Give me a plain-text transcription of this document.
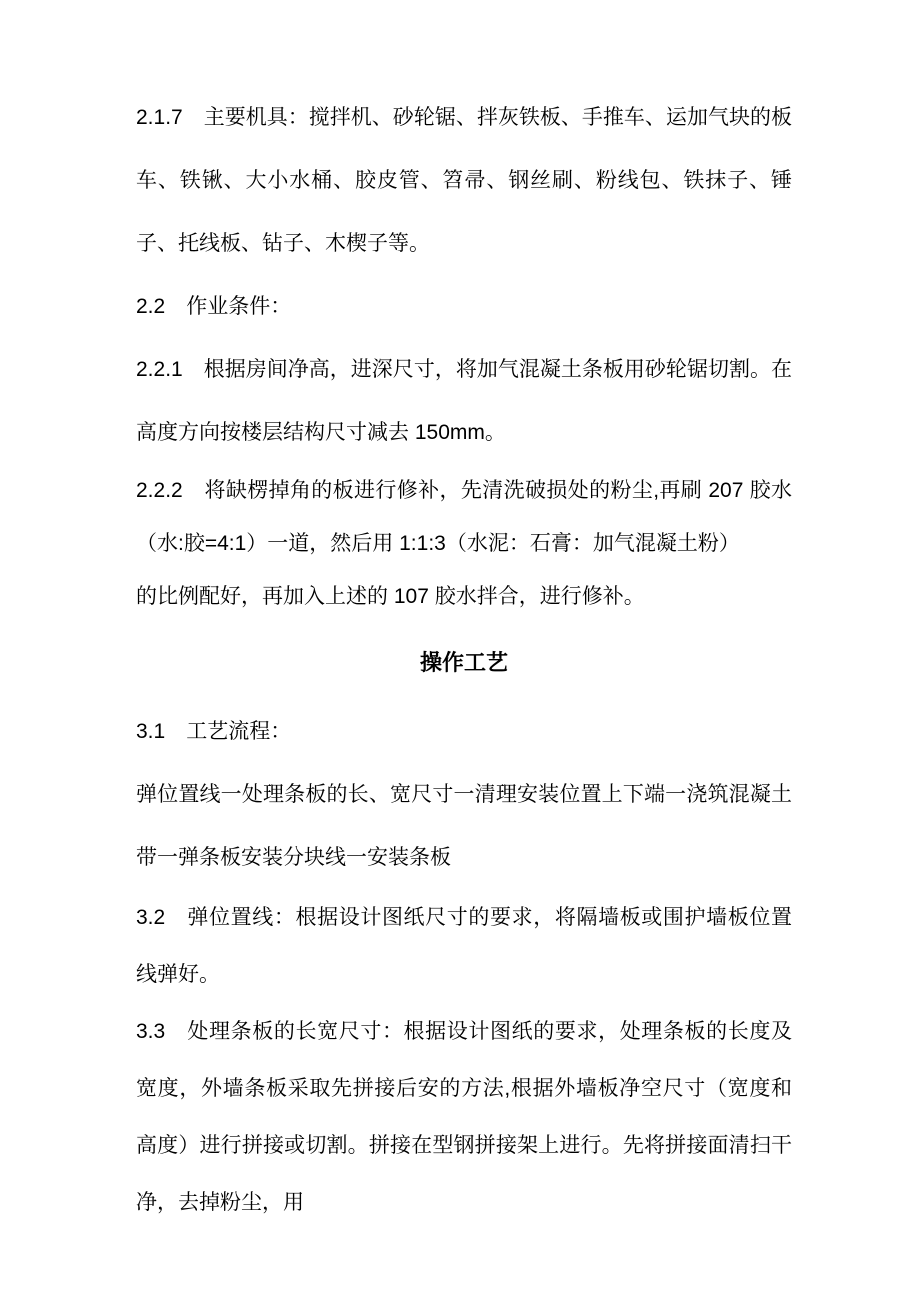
2.1.7　主要机具：搅拌机、砂轮锯、拌灰铁板、手推车、运加气块的板车、铁锹、大小水桶、胶皮管、笤帚、钢丝刷、粉线包、铁抹子、锤子、托线板、钻子、木楔子等。

2.2　作业条件：

2.2.1　根据房间净高，进深尺寸，将加气混凝土条板用砂轮锯切割。在高度方向按楼层结构尺寸减去 150mm。

2.2.2　将缺楞掉角的板进行修补，先清洗破损处的粉尘,再刷 207 胶水（水:胶=4:1）一道，然后用 1:1:3（水泥：石膏：加气混凝土粉）
的比例配好，再加入上述的 107 胶水拌合，进行修补。

操作工艺

3.1　工艺流程：

弹位置线一处理条板的长、宽尺寸一清理安装位置上下端一浇筑混凝土带一弹条板安装分块线一安装条板

3.2　弹位置线：根据设计图纸尺寸的要求，将隔墙板或围护墙板位置线弹好。

3.3　处理条板的长宽尺寸：根据设计图纸的要求，处理条板的长度及宽度，外墙条板采取先拼接后安的方法,根据外墙板净空尺寸（宽度和高度）进行拼接或切割。拼接在型钢拼接架上进行。先将拼接面清扫干净，去掉粉尘，用
